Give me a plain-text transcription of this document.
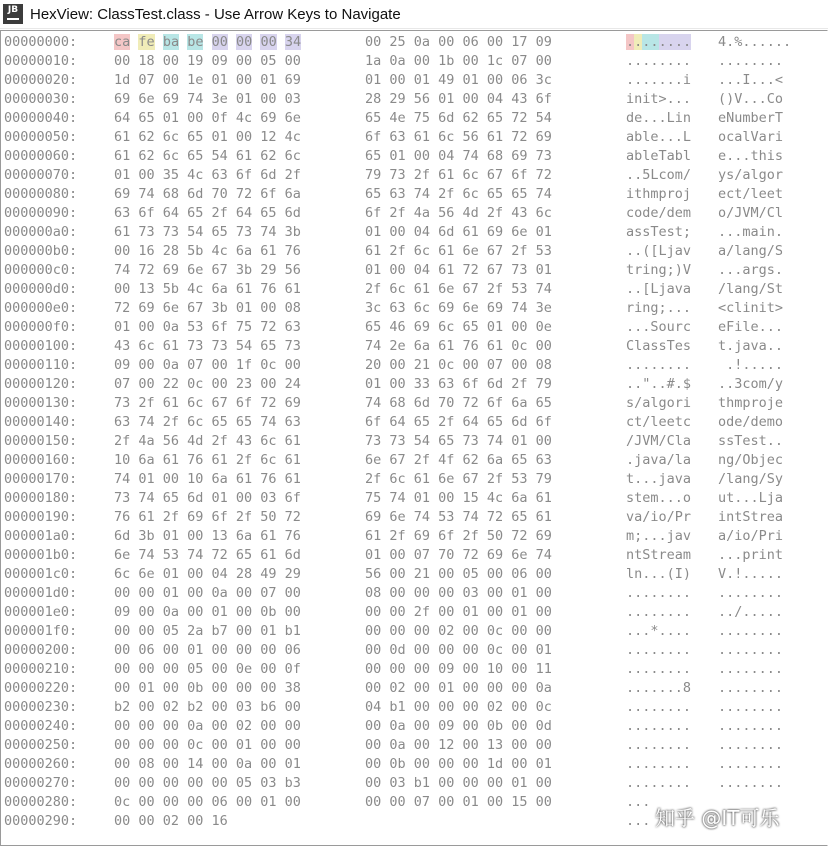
JB HexView: ClassTest.class - Use Arrow Keys to Navigate
00000000:	ca fe ba be 00 00 00 34	00 25 0a 00 06 00 17 09	........	4.%......
00000010:	00 18 00 19 09 00 05 00	1a 0a 00 1b 00 1c 07 00	........	........
00000020:	1d 07 00 1e 01 00 01 69	01 00 01 49 01 00 06 3c	.......i	...I...<
00000030:	69 6e 69 74 3e 01 00 03	28 29 56 01 00 04 43 6f	init>...	()V...Co
00000040:	64 65 01 00 0f 4c 69 6e	65 4e 75 6d 62 65 72 54	de...Lin	eNumberT
00000050:	61 62 6c 65 01 00 12 4c	6f 63 61 6c 56 61 72 69	able...L	ocalVari
00000060:	61 62 6c 65 54 61 62 6c	65 01 00 04 74 68 69 73	ableTabl	e...this
00000070:	01 00 35 4c 63 6f 6d 2f	79 73 2f 61 6c 67 6f 72	..5Lcom/	ys/algor
00000080:	69 74 68 6d 70 72 6f 6a	65 63 74 2f 6c 65 65 74	ithmproj	ect/leet
00000090:	63 6f 64 65 2f 64 65 6d	6f 2f 4a 56 4d 2f 43 6c	code/dem	o/JVM/Cl
000000a0:	61 73 73 54 65 73 74 3b	01 00 04 6d 61 69 6e 01	assTest;	...main.
000000b0:	00 16 28 5b 4c 6a 61 76	61 2f 6c 61 6e 67 2f 53	..([Ljav	a/lang/S
000000c0:	74 72 69 6e 67 3b 29 56	01 00 04 61 72 67 73 01	tring;)V	...args.
000000d0:	00 13 5b 4c 6a 61 76 61	2f 6c 61 6e 67 2f 53 74	..[Ljava	/lang/St
000000e0:	72 69 6e 67 3b 01 00 08	3c 63 6c 69 6e 69 74 3e	ring;...	<clinit>
000000f0:	01 00 0a 53 6f 75 72 63	65 46 69 6c 65 01 00 0e	...Sourc	eFile...
00000100:	43 6c 61 73 73 54 65 73	74 2e 6a 61 76 61 0c 00	ClassTes	t.java..
00000110:	09 00 0a 07 00 1f 0c 00	20 00 21 0c 00 07 00 08	........	.!.....
00000120:	07 00 22 0c 00 23 00 24	01 00 33 63 6f 6d 2f 79	.."..#.$	..3com/y
00000130:	73 2f 61 6c 67 6f 72 69	74 68 6d 70 72 6f 6a 65	s/algori	thmproje
00000140:	63 74 2f 6c 65 65 74 63	6f 64 65 2f 64 65 6d 6f	ct/leetc	ode/demo
00000150:	2f 4a 56 4d 2f 43 6c 61	73 73 54 65 73 74 01 00	/JVM/Cla	ssTest..
00000160:	10 6a 61 76 61 2f 6c 61	6e 67 2f 4f 62 6a 65 63	.java/la	ng/Objec
00000170:	74 01 00 10 6a 61 76 61	2f 6c 61 6e 67 2f 53 79	t...java	/lang/Sy
00000180:	73 74 65 6d 01 00 03 6f	75 74 01 00 15 4c 6a 61	stem...o	ut...Lja
00000190:	76 61 2f 69 6f 2f 50 72	69 6e 74 53 74 72 65 61	va/io/Pr	intStrea
000001a0:	6d 3b 01 00 13 6a 61 76	61 2f 69 6f 2f 50 72 69	m;...jav	a/io/Pri
000001b0:	6e 74 53 74 72 65 61 6d	01 00 07 70 72 69 6e 74	ntStream	...print
000001c0:	6c 6e 01 00 04 28 49 29	56 00 21 00 05 00 06 00	ln...(I)	V.!.....
000001d0:	00 00 01 00 0a 00 07 00	08 00 00 00 03 00 01 00	........	........
000001e0:	09 00 0a 00 01 00 0b 00	00 00 2f 00 01 00 01 00	........	../.....
000001f0:	00 00 05 2a b7 00 01 b1	00 00 00 02 00 0c 00 00	...*....	........
00000200:	00 06 00 01 00 00 00 06	00 0d 00 00 00 0c 00 01	........	........
00000210:	00 00 00 05 00 0e 00 0f	00 00 00 09 00 10 00 11	........	........
00000220:	00 01 00 0b 00 00 00 38	00 02 00 01 00 00 00 0a	.......8	........
00000230:	b2 00 02 b2 00 03 b6 00	04 b1 00 00 00 02 00 0c	........	........
00000240:	00 00 00 0a 00 02 00 00	00 0a 00 09 00 0b 00 0d	........	........
00000250:	00 00 00 0c 00 01 00 00	00 0a 00 12 00 13 00 00	........	........
00000260:	00 08 00 14 00 0a 00 01	00 0b 00 00 00 1d 00 01	........	........
00000270:	00 00 00 00 00 05 03 b3	00 03 b1 00 00 00 01 00	........	........
00000280:	0c 00 00 00 06 00 01 00	00 00 07 00 01 00 15 00	...
00000290:	00 00 02 00 16	... 知乎 @IT可乐
